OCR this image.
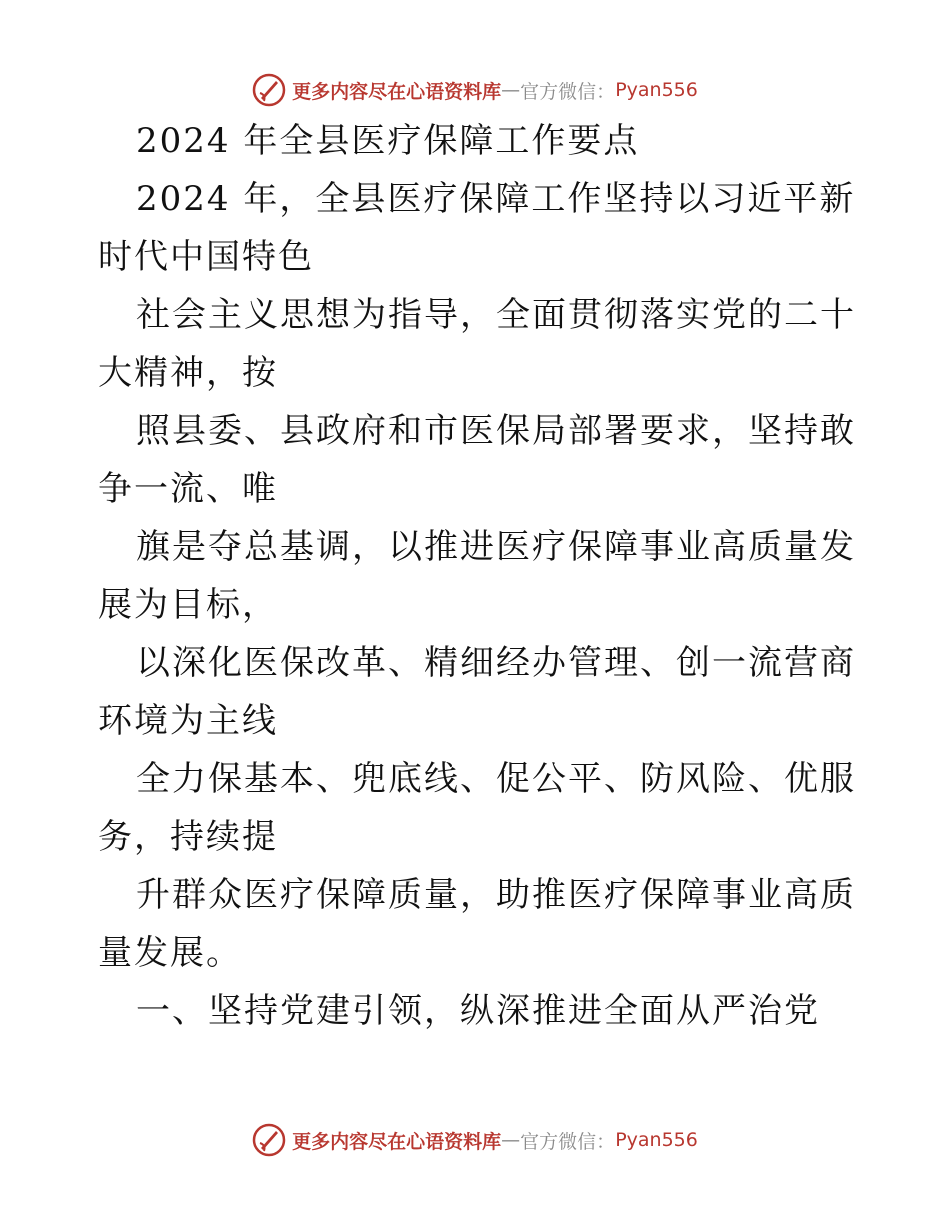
更多内容尽在心语资料库 — 官方微信： Pyan556

2024 年全县医疗保障工作要点

2024 年，全县医疗保障工作坚持以习近平新时代中国特色

社会主义思想为指导，全面贯彻落实党的二十大精神，按

照县委、县政府和市医保局部署要求，坚持敢争一流、唯

旗是夺总基调，以推进医疗保障事业高质量发展为目标，

以深化医保改革、精细经办管理、创一流营商环境为主线

全力保基本、兜底线、促公平、防风险、优服务，持续提

升群众医疗保障质量，助推医疗保障事业高质量发展。

一、坚持党建引领，纵深推进全面从严治党

更多内容尽在心语资料库 — 官方微信： Pyan556
